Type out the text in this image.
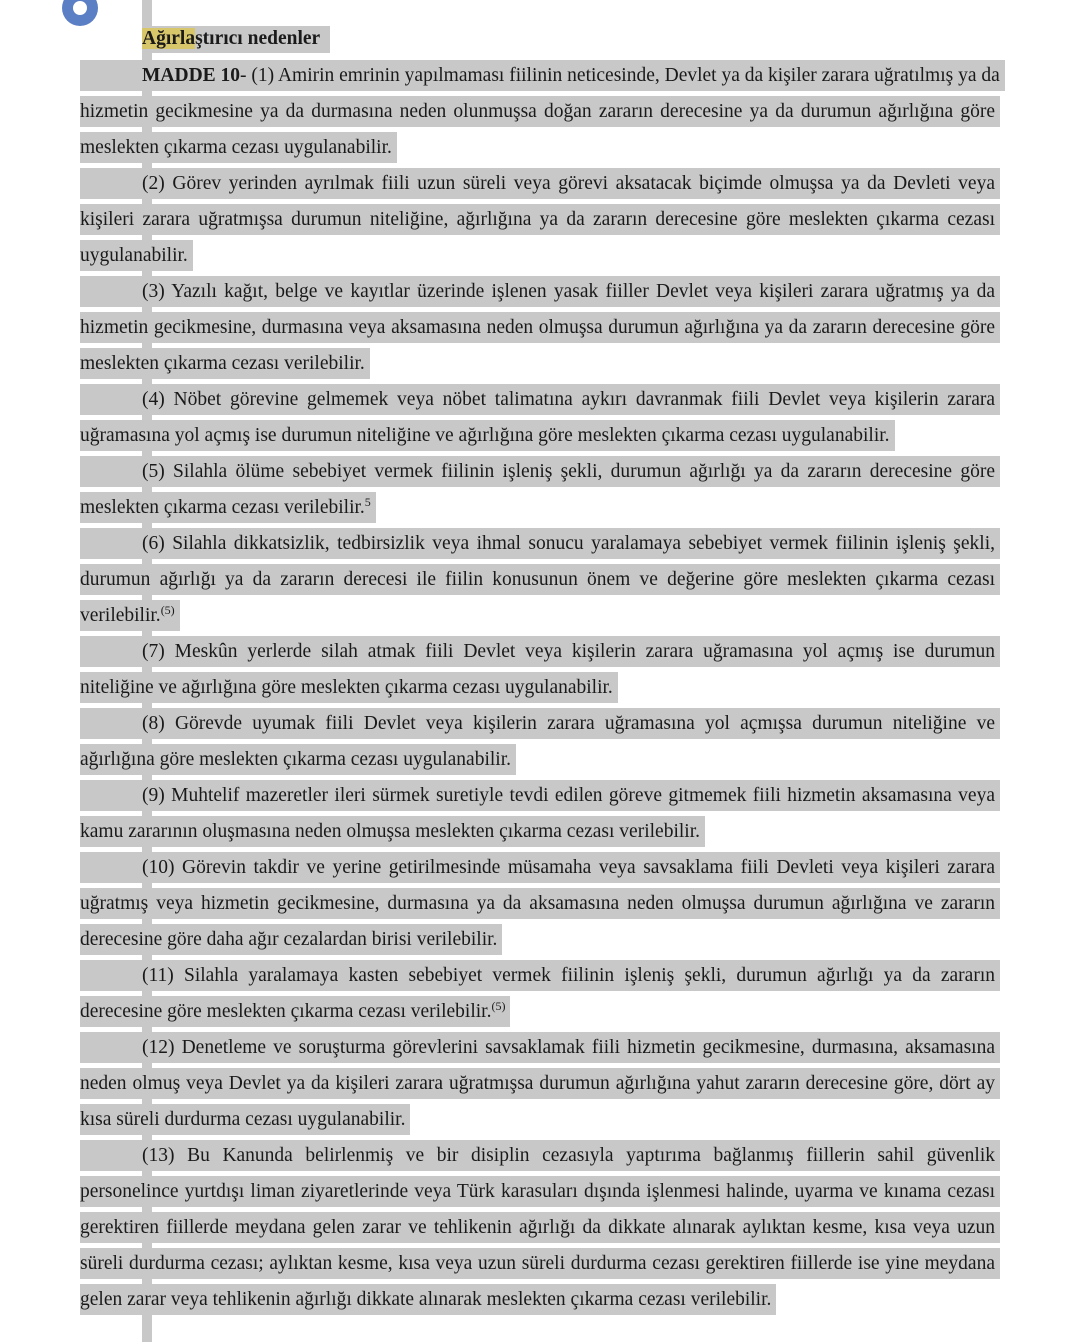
Ağırlaştırıcı nedenler

MADDE 10- (1) Amirin emrinin yapılmaması fiilinin neticesinde, Devlet ya da kişiler zarara uğratılmış ya da hizmetin gecikmesine ya da durmasına neden olunmuşsa doğan zararın derecesine ya da durumun ağırlığına göre meslekten çıkarma cezası uygulanabilir.

(2) Görev yerinden ayrılmak fiili uzun süreli veya görevi aksatacak biçimde olmuşsa ya da Devleti veya kişileri zarara uğratmışsa durumun niteliğine, ağırlığına ya da zararın derecesine göre meslekten çıkarma cezası uygulanabilir.

(3) Yazılı kağıt, belge ve kayıtlar üzerinde işlenen yasak fiiller Devlet veya kişileri zarara uğratmış ya da hizmetin gecikmesine, durmasına veya aksamasına neden olmuşsa durumun ağırlığına ya da zararın derecesine göre meslekten çıkarma cezası verilebilir.

(4) Nöbet görevine gelmemek veya nöbet talimatına aykırı davranmak fiili Devlet veya kişilerin zarara uğramasına yol açmış ise durumun niteliğine ve ağırlığına göre meslekten çıkarma cezası uygulanabilir.

(5) Silahla ölüme sebebiyet vermek fiilinin işleniş şekli, durumun ağırlığı ya da zararın derecesine göre meslekten çıkarma cezası verilebilir.$^5$

(6) Silahla dikkatsizlik, tedbirsizlik veya ihmal sonucu yaralamaya sebebiyet vermek fiilinin işleniş şekli, durumun ağırlığı ya da zararın derecesi ile fiilin konusunun önem ve değerine göre meslekten çıkarma cezası verilebilir.$^{(5)}$

(7) Meskûn yerlerde silah atmak fiili Devlet veya kişilerin zarara uğramasına yol açmış ise durumun niteliğine ve ağırlığına göre meslekten çıkarma cezası uygulanabilir.

(8) Görevde uyumak fiili Devlet veya kişilerin zarara uğramasına yol açmışsa durumun niteliğine ve ağırlığına göre meslekten çıkarma cezası uygulanabilir.

(9) Muhtelif mazeretler ileri sürmek suretiyle tevdi edilen göreve gitmemek fiili hizmetin aksamasına veya kamu zararının oluşmasına neden olmuşsa meslekten çıkarma cezası verilebilir.

(10) Görevin takdir ve yerine getirilmesinde müsamaha veya savsaklama fiili Devleti veya kişileri zarara uğratmış veya hizmetin gecikmesine, durmasına ya da aksamasına neden olmuşsa durumun ağırlığına ve zararın derecesine göre daha ağır cezalardan birisi verilebilir.

(11) Silahla yaralamaya kasten sebebiyet vermek fiilinin işleniş şekli, durumun ağırlığı ya da zararın derecesine göre meslekten çıkarma cezası verilebilir.$^{(5)}$

(12) Denetleme ve soruşturma görevlerini savsaklamak fiili hizmetin gecikmesine, durmasına, aksamasına neden olmuş veya Devlet ya da kişileri zarara uğratmışsa durumun ağırlığına yahut zararın derecesine göre, dört ay kısa süreli durdurma cezası uygulanabilir.

(13) Bu Kanunda belirlenmiş ve bir disiplin cezasıyla yaptırıma bağlanmış fiillerin sahil güvenlik personelince yurtdışı liman ziyaretlerinde veya Türk karasuları dışında işlenmesi halinde, uyarma ve kınama cezası gerektiren fiillerde meydana gelen zarar ve tehlikenin ağırlığı da dikkate alınarak aylıktan kesme, kısa veya uzun süreli durdurma cezası; aylıktan kesme, kısa veya uzun süreli durdurma cezası gerektiren fiillerde ise yine meydana gelen zarar veya tehlikenin ağırlığı dikkate alınarak meslekten çıkarma cezası verilebilir.
